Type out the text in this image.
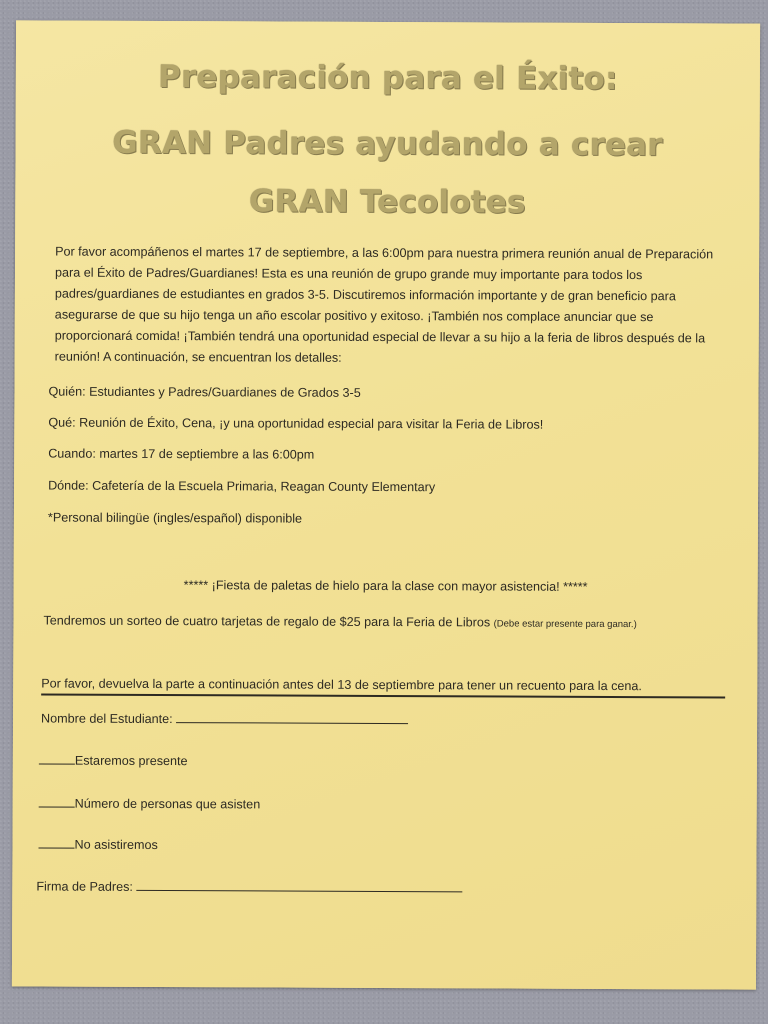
Preparación para el Éxito:
GRAN Padres ayudando a crear
GRAN Tecolotes
Por favor acompáñenos el martes 17 de septiembre, a las 6:00pm para nuestra primera reunión anual de Preparación para el Éxito de Padres/Guardianes! Esta es una reunión de grupo grande muy importante para todos los padres/guardianes de estudiantes en grados 3-5. Discutiremos información importante y de gran beneficio para asegurarse de que su hijo tenga un año escolar positivo y exitoso. ¡También nos complace anunciar que se proporcionará comida! ¡También tendrá una oportunidad especial de llevar a su hijo a la feria de libros después de la reunión! A continuación, se encuentran los detalles:
Quién: Estudiantes y Padres/Guardianes de Grados 3-5
Qué: Reunión de Éxito, Cena, ¡y una oportunidad especial para visitar la Feria de Libros!
Cuando: martes 17 de septiembre a las 6:00pm
Dónde: Cafetería de la Escuela Primaria, Reagan County Elementary
*Personal bilingüe (ingles/español) disponible
***** ¡Fiesta de paletas de hielo para la clase con mayor asistencia! *****
Tendremos un sorteo de cuatro tarjetas de regalo de $25 para la Feria de Libros (Debe estar presente para ganar.)
Por favor, devuelva la parte a continuación antes del 13 de septiembre para tener un recuento para la cena.
Nombre del Estudiante:
Estaremos presente
Número de personas que asisten
No asistiremos
Firma de Padres:
